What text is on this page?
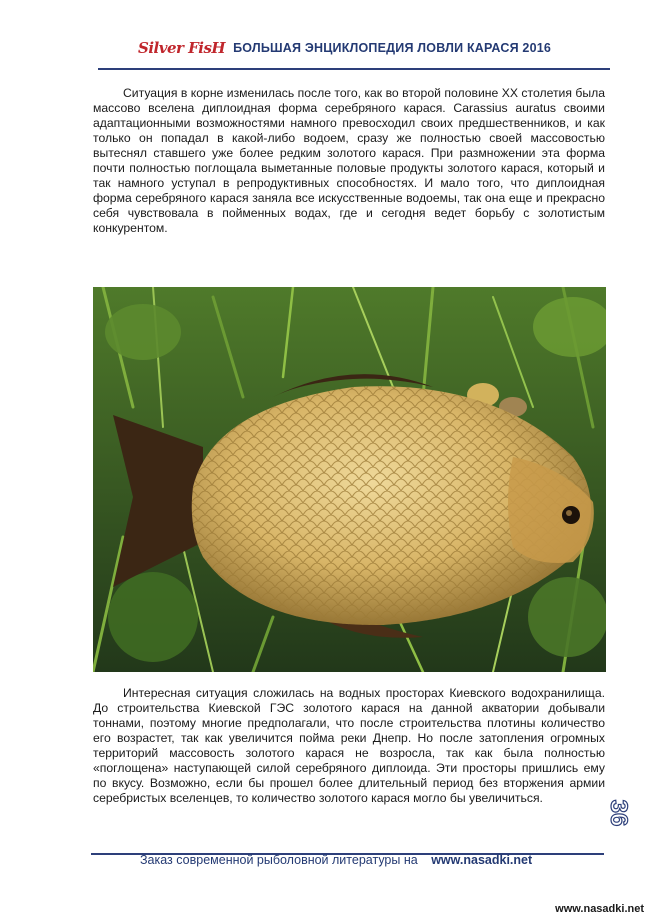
Silver FisH БОЛЬШАЯ ЭНЦИКЛОПЕДИЯ ЛОВЛИ КАРАСЯ 2016

Ситуация в корне изменилась после того, как во второй половине XX столетия была массово вселена диплоидная форма серебряного карася. Carassius auratus своими адаптационными возможностями намного превосходил своих предшественников, и как только он попадал в какой-либо водоем, сразу же полностью своей массовостью вытеснял ставшего уже более редким золотого карася. При размножении эта форма почти полностью поглощала выметанные половые продукты золотого карася, который и так намного уступал в репродуктивных способностях. И мало того, что диплоидная форма серебряного карася заняла все искусственные водоемы, так она еще и прекрасно себя чувствовала в пойменных водах, где и сегодня ведет борьбу с золотистым конкурентом.

Интересная ситуация сложилась на водных просторах Киевского водохранилища. До строительства Киевской ГЭС золотого карася на данной акватории добывали тоннами, поэтому многие предполагали, что после строительства плотины количество его возрастет, так как увеличится пойма реки Днепр. Но после затопления огромных территорий массовость золотого карася не возросла, так как была полностью «поглощена» наступающей силой серебряного диплоида. Эти просторы пришлись ему по вкусу. Возможно, если бы прошел более длительный период без вторжения армии серебристых вселенцев, то количество золотого карася могло бы увеличиться.

36
Заказ современной рыболовной литературы на www.nasadki.net
www.nasadki.net
